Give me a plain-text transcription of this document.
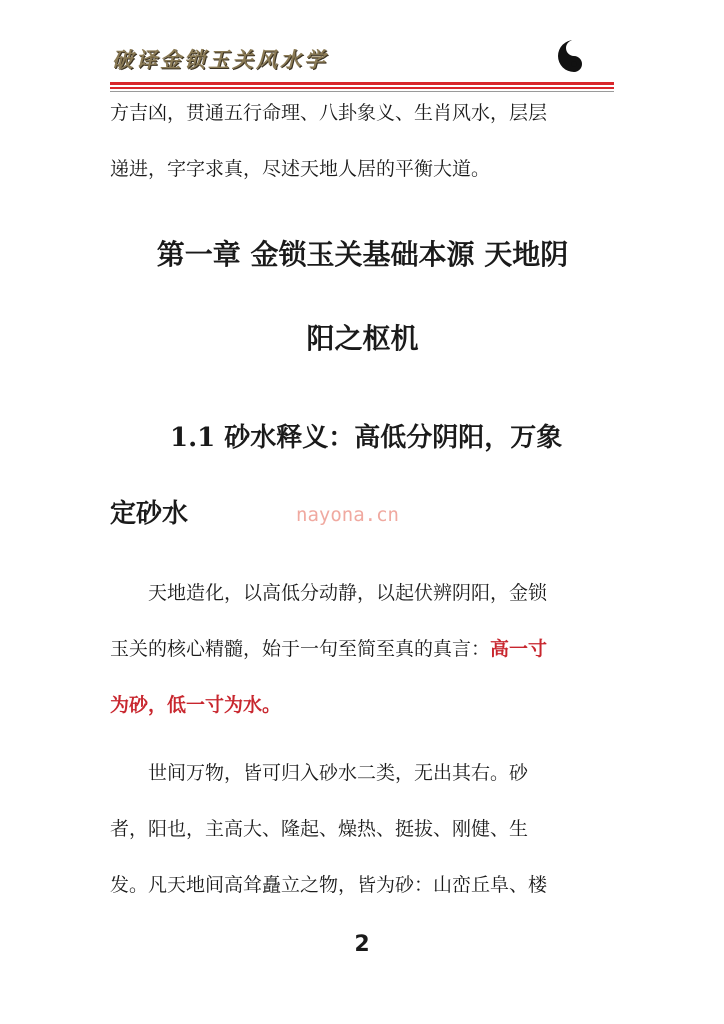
破译金锁玉关风水学
方吉凶，贯通五行命理、八卦象义、生肖风水，层层
递进，字字求真，尽述天地人居的平衡大道。
第一章 金锁玉关基础本源 天地阴
阳之枢机
1.1 砂水释义：高低分阴阳，万象
定砂水	nayona.cn
天地造化，以高低分动静，以起伏辨阴阳，金锁
玉关的核心精髓，始于一句至简至真的真言：高一寸
为砂，低一寸为水。
世间万物，皆可归入砂水二类，无出其右。砂
者，阳也，主高大、隆起、燥热、挺拔、刚健、生
发。凡天地间高耸矗立之物，皆为砂：山峦丘阜、楼
2
